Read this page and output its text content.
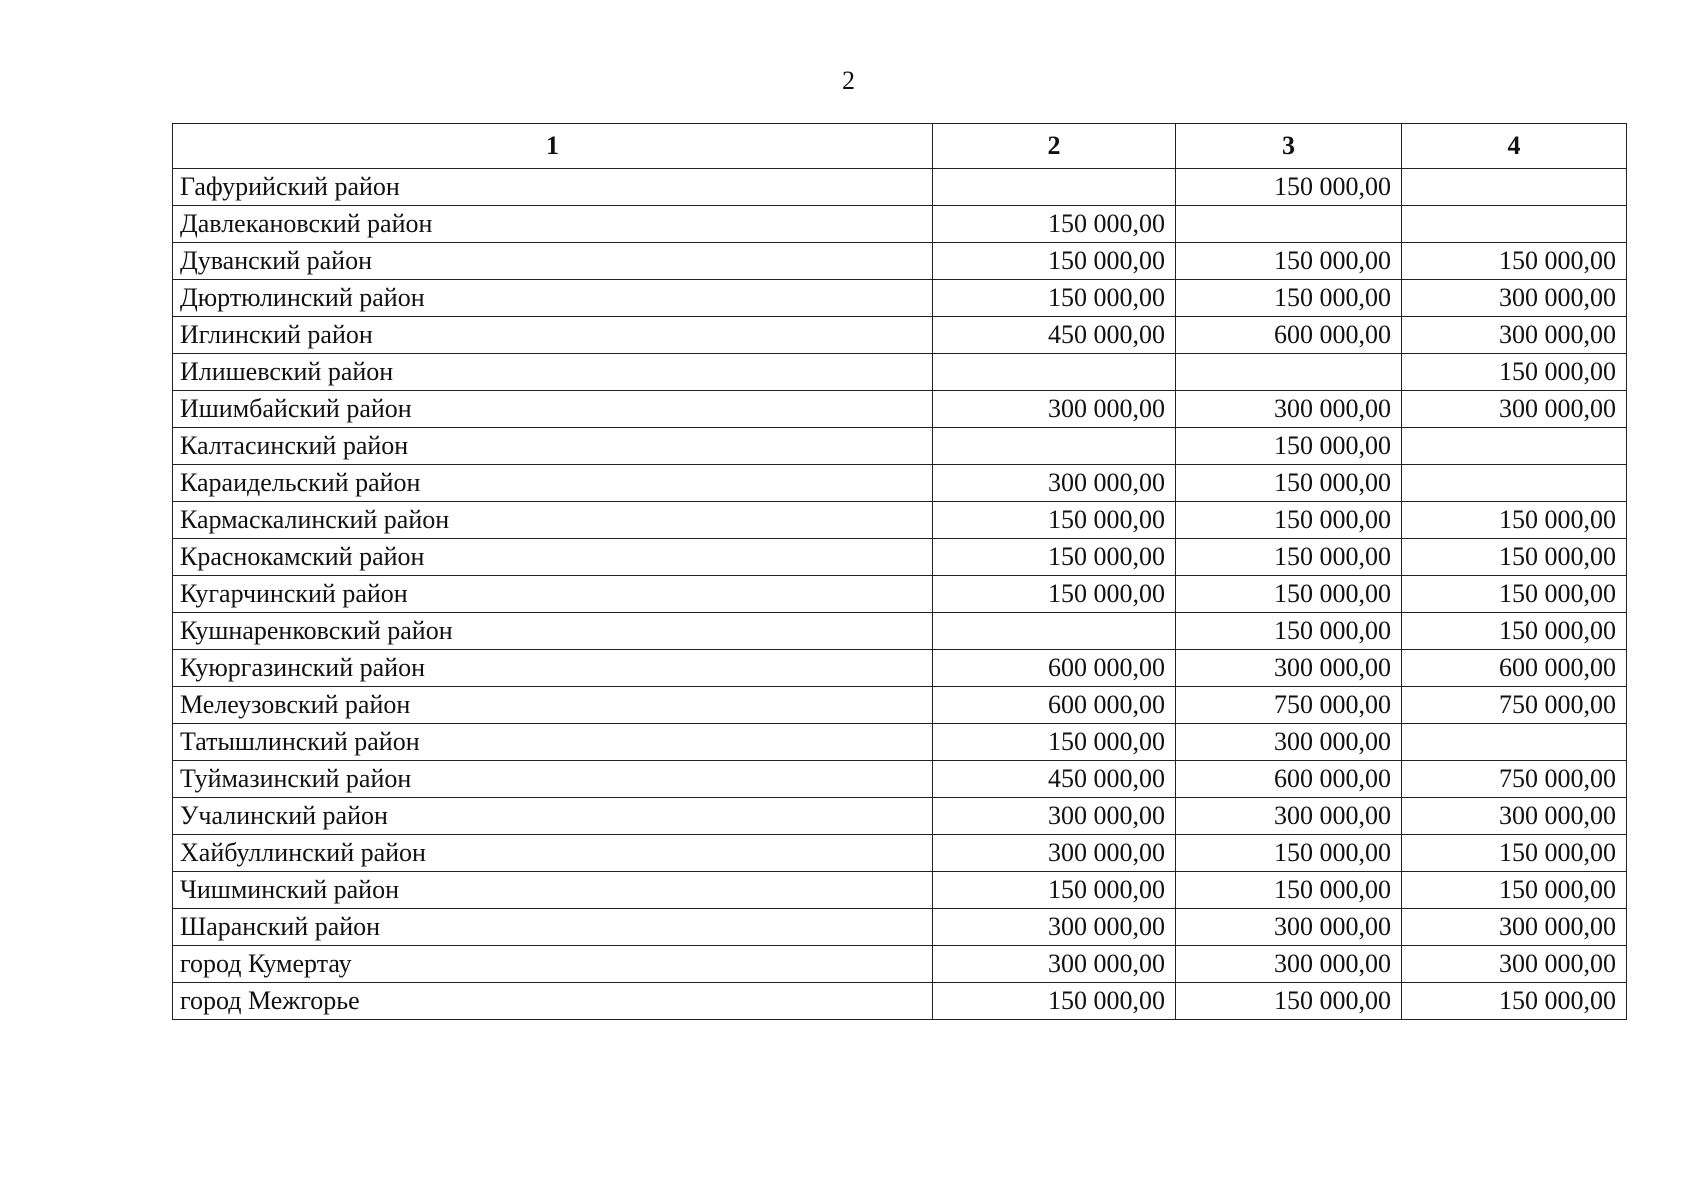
2
1	2	3	4
Гафурийский район		150 000,00	
Давлекановский район	150 000,00		
Дуванский район	150 000,00	150 000,00	150 000,00
Дюртюлинский район	150 000,00	150 000,00	300 000,00
Иглинский район	450 000,00	600 000,00	300 000,00
Илишевский район			150 000,00
Ишимбайский район	300 000,00	300 000,00	300 000,00
Калтасинский район		150 000,00	
Караидельский район	300 000,00	150 000,00	
Кармаскалинский район	150 000,00	150 000,00	150 000,00
Краснокамский район	150 000,00	150 000,00	150 000,00
Кугарчинский район	150 000,00	150 000,00	150 000,00
Кушнаренковский район		150 000,00	150 000,00
Куюргазинский район	600 000,00	300 000,00	600 000,00
Мелеузовский район	600 000,00	750 000,00	750 000,00
Татышлинский район	150 000,00	300 000,00	
Туймазинский район	450 000,00	600 000,00	750 000,00
Учалинский район	300 000,00	300 000,00	300 000,00
Хайбуллинский район	300 000,00	150 000,00	150 000,00
Чишминский район	150 000,00	150 000,00	150 000,00
Шаранский район	300 000,00	300 000,00	300 000,00
город Кумертау	300 000,00	300 000,00	300 000,00
город Межгорье	150 000,00	150 000,00	150 000,00
